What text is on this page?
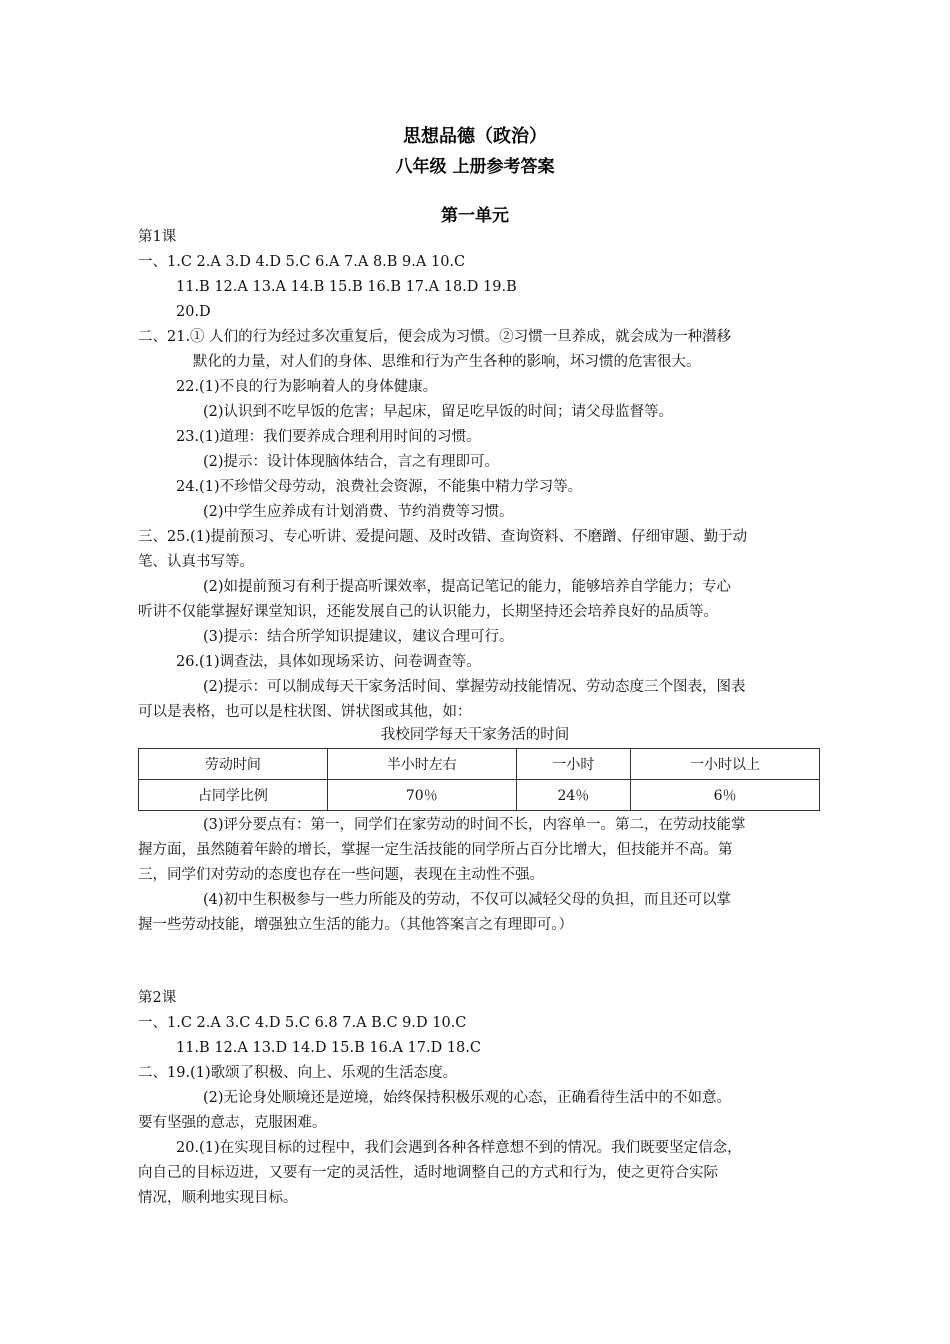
思想品德（政治）
八年级 上册参考答案
第一单元
第1课
一、1.C 2.A 3.D 4.D 5.C 6.A 7.A 8.B 9.A 10.C
11.B 12.A 13.A 14.B 15.B 16.B 17.A 18.D 19.B
20.D
二、21.① 人们的行为经过多次重复后，便会成为习惯。②习惯一旦养成，就会成为一种潜移
默化的力量，对人们的身体、思维和行为产生各种的影响，坏习惯的危害很大。
22.(1)不良的行为影响着人的身体健康。
(2)认识到不吃早饭的危害；早起床，留足吃早饭的时间；请父母监督等。
23.(1)道理：我们要养成合理利用时间的习惯。
(2)提示：设计体现脑体结合，言之有理即可。
24.(1)不珍惜父母劳动，浪费社会资源，不能集中精力学习等。
(2)中学生应养成有计划消费、节约消费等习惯。
三、25.(1)提前预习、专心听讲、爱提问题、及时改错、查询资料、不磨蹭、仔细审题、勤于动
笔、认真书写等。
(2)如提前预习有利于提高听课效率，提高记笔记的能力，能够培养自学能力；专心
听讲不仅能掌握好课堂知识，还能发展自己的认识能力，长期坚持还会培养良好的品质等。
(3)提示：结合所学知识提建议，建议合理可行。
26.(1)调查法，具体如现场采访、问卷调查等。
(2)提示：可以制成每天干家务活时间、掌握劳动技能情况、劳动态度三个图表，图表
可以是表格，也可以是柱状图、饼状图或其他，如：
我校同学每天干家务活的时间
劳动时间	半小时左右	一小时	一小时以上
占同学比例	70％	24％	6％
(3)评分要点有：第一，同学们在家劳动的时间不长，内容单一。第二，在劳动技能掌
握方面，虽然随着年龄的增长，掌握一定生活技能的同学所占百分比增大，但技能并不高。第
三，同学们对劳动的态度也存在一些问题，表现在主动性不强。
(4)初中生积极参与一些力所能及的劳动，不仅可以减轻父母的负担，而且还可以掌
握一些劳动技能，增强独立生活的能力。（其他答案言之有理即可。）
第2课
一、1.C 2.A 3.C 4.D 5.C 6.8 7.A B.C 9.D 10.C
11.B 12.A 13.D 14.D 15.B 16.A 17.D 18.C
二、19.(1)歌颂了积极、向上、乐观的生活态度。
(2)无论身处顺境还是逆境，始终保持积极乐观的心态，正确看待生活中的不如意。
要有坚强的意志，克服困难。
20.(1)在实现目标的过程中，我们会遇到各种各样意想不到的情况。我们既要坚定信念，
向自己的目标迈进，又要有一定的灵活性，适时地调整自己的方式和行为，使之更符合实际
情况，顺利地实现目标。
